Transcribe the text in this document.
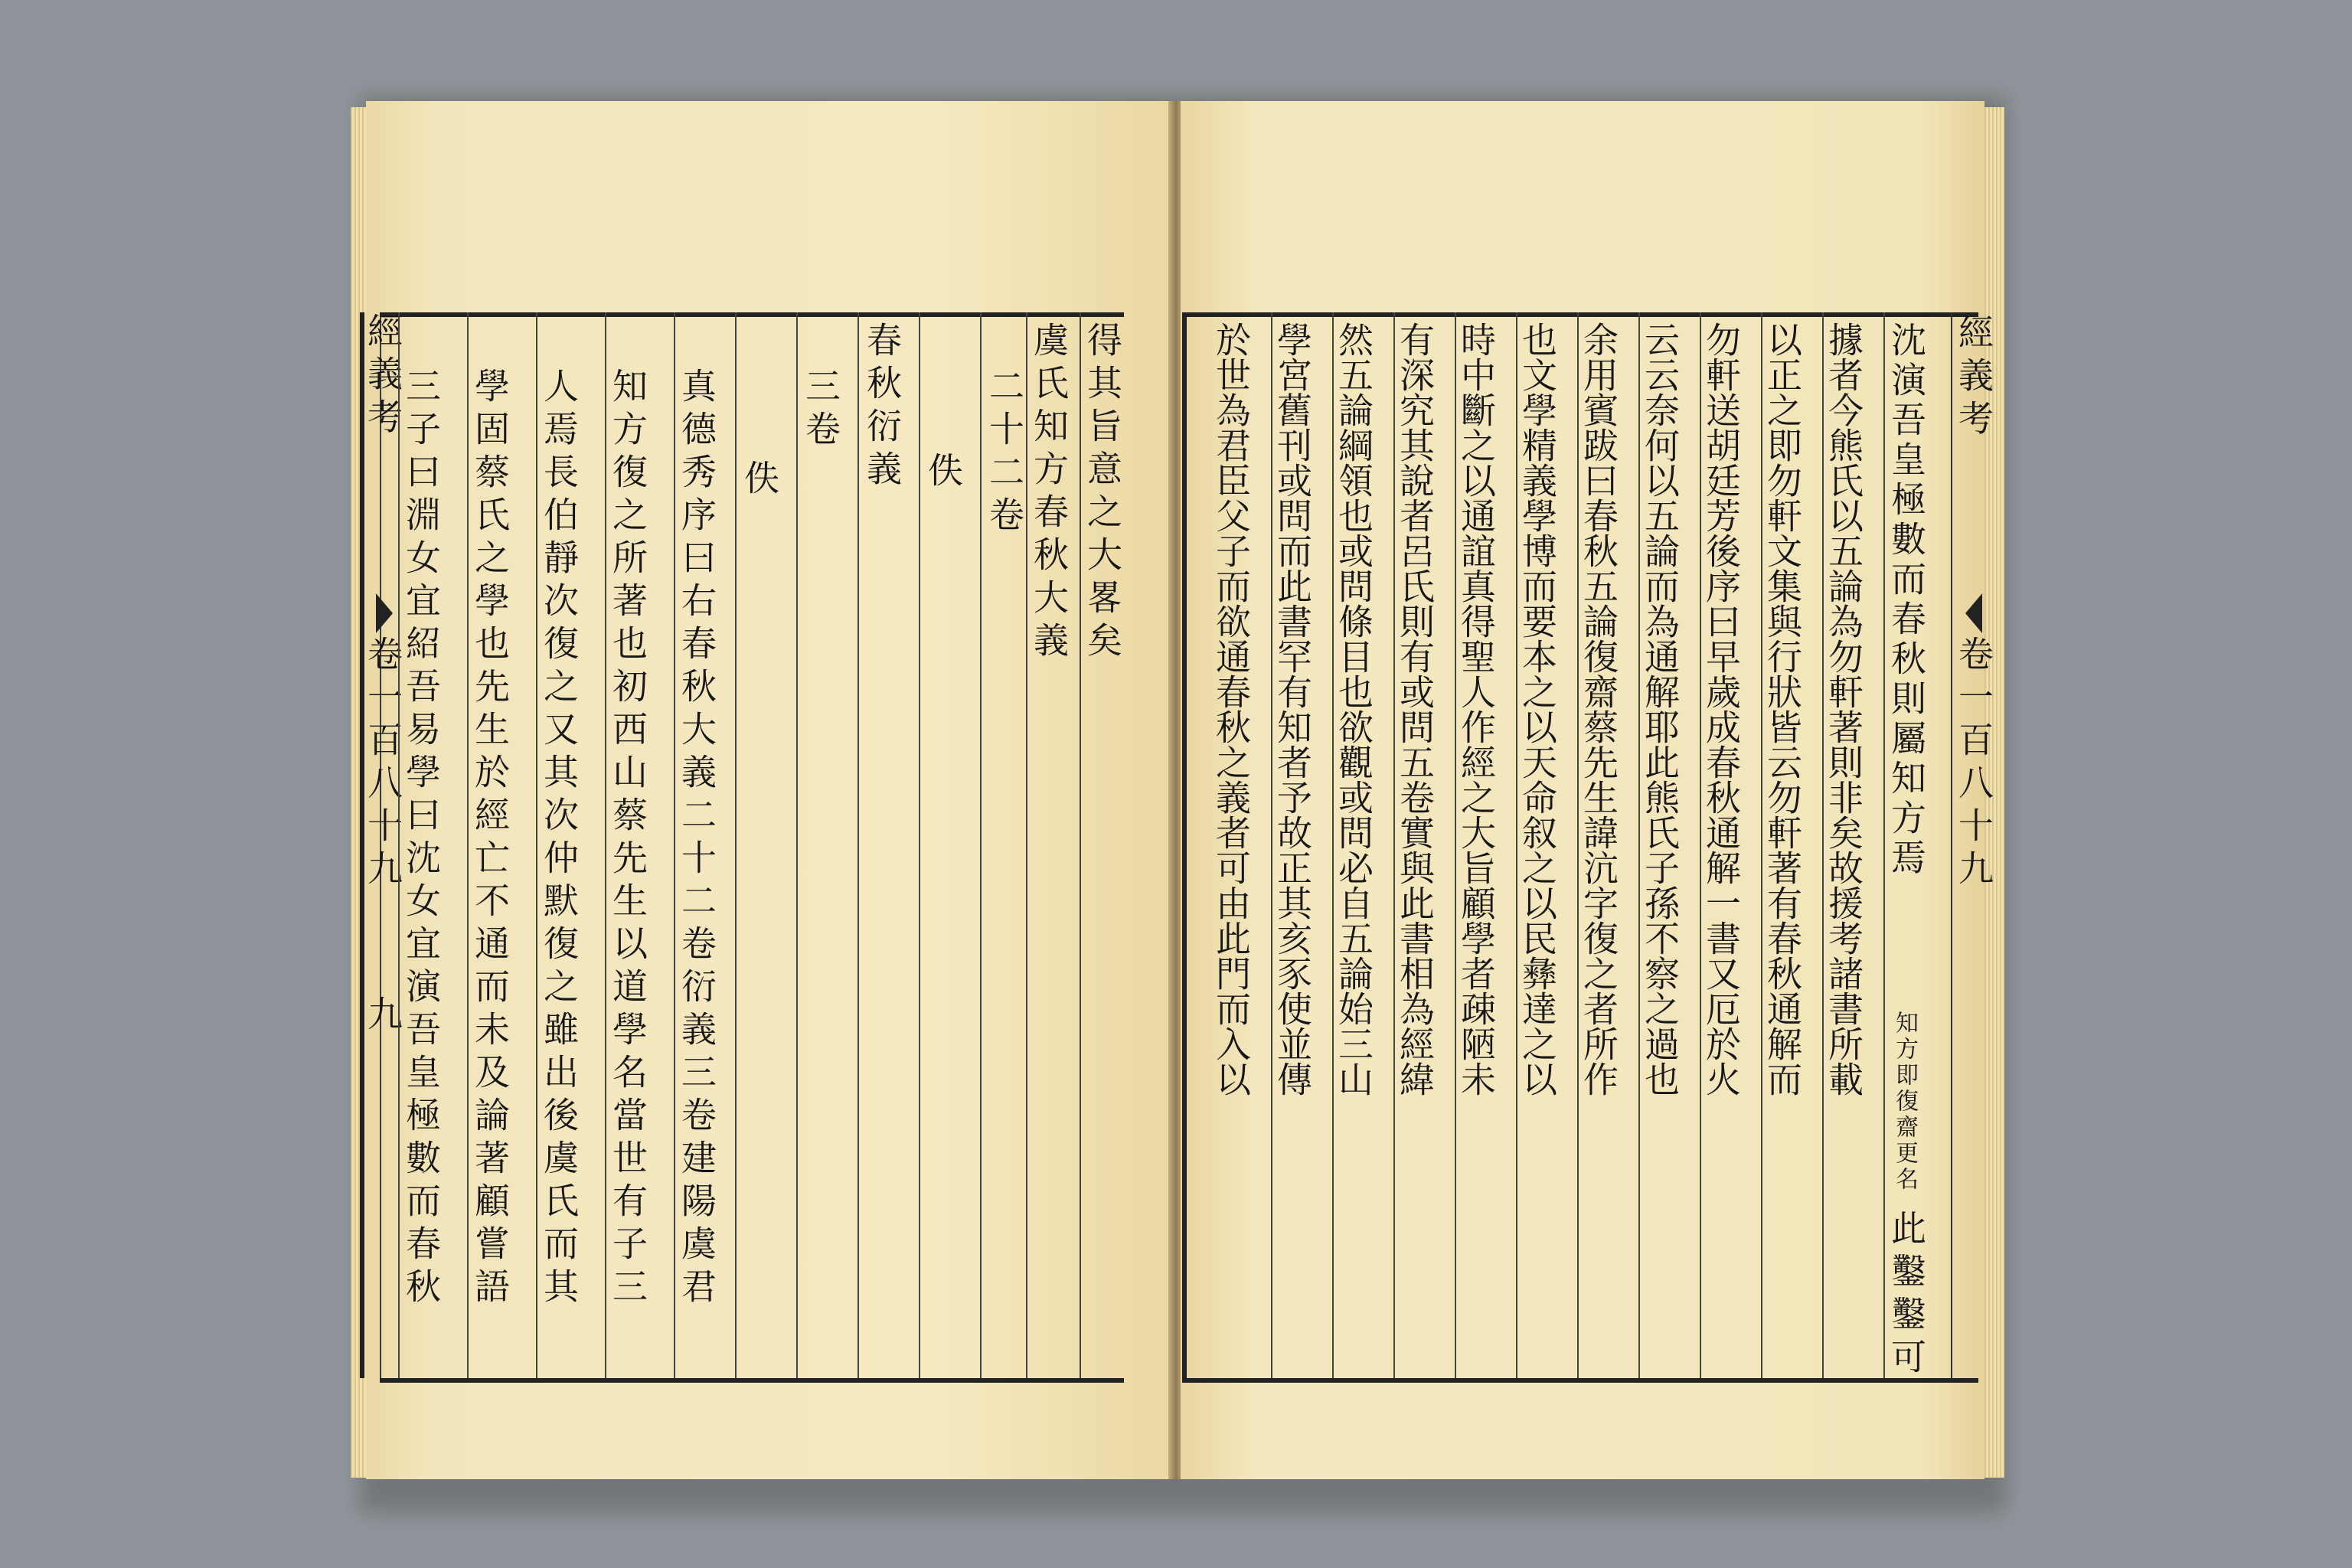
經義考
卷一百八十九
九
得其旨意之大畧矣
虞氏知方春秋大義
二十二卷
佚
春秋衍義
三卷
佚
真德秀序曰右春秋大義二十二卷衍義三卷建陽虞君
知方復之所著也初西山蔡先生以道學名當世有子三
人焉長伯靜次復之又其次仲默復之雖出後虞氏而其
學固蔡氏之學也先生於經亡不通而未及論著顧嘗語
三子曰淵女宜紹吾易學曰沈女宜演吾皇極數而春秋	經義考
卷一百八十九
沈演吾皇極數而春秋則屬知方焉
知方即復齋更名
此鑿鑿可
據者今熊氏以五論為勿軒著則非矣故援考諸書所載
以正之即勿軒文集與行狀皆云勿軒著有春秋通解而
勿軒送胡廷芳後序曰早歲成春秋通解一書又厄於火
云云奈何以五論而為通解耶此熊氏子孫不察之過也
余用賓跋曰春秋五論復齋蔡先生諱沆字復之者所作
也文學精義學博而要本之以天命叙之以民彝達之以
時中斷之以通誼真得聖人作經之大旨顧學者疎陋未
有深究其說者呂氏則有或問五卷實與此書相為經緯
然五論綱領也或問條目也欲觀或問必自五論始三山
學宮舊刊或問而此書罕有知者予故正其亥豕使並傳
於世為君臣父子而欲通春秋之義者可由此門而入以
